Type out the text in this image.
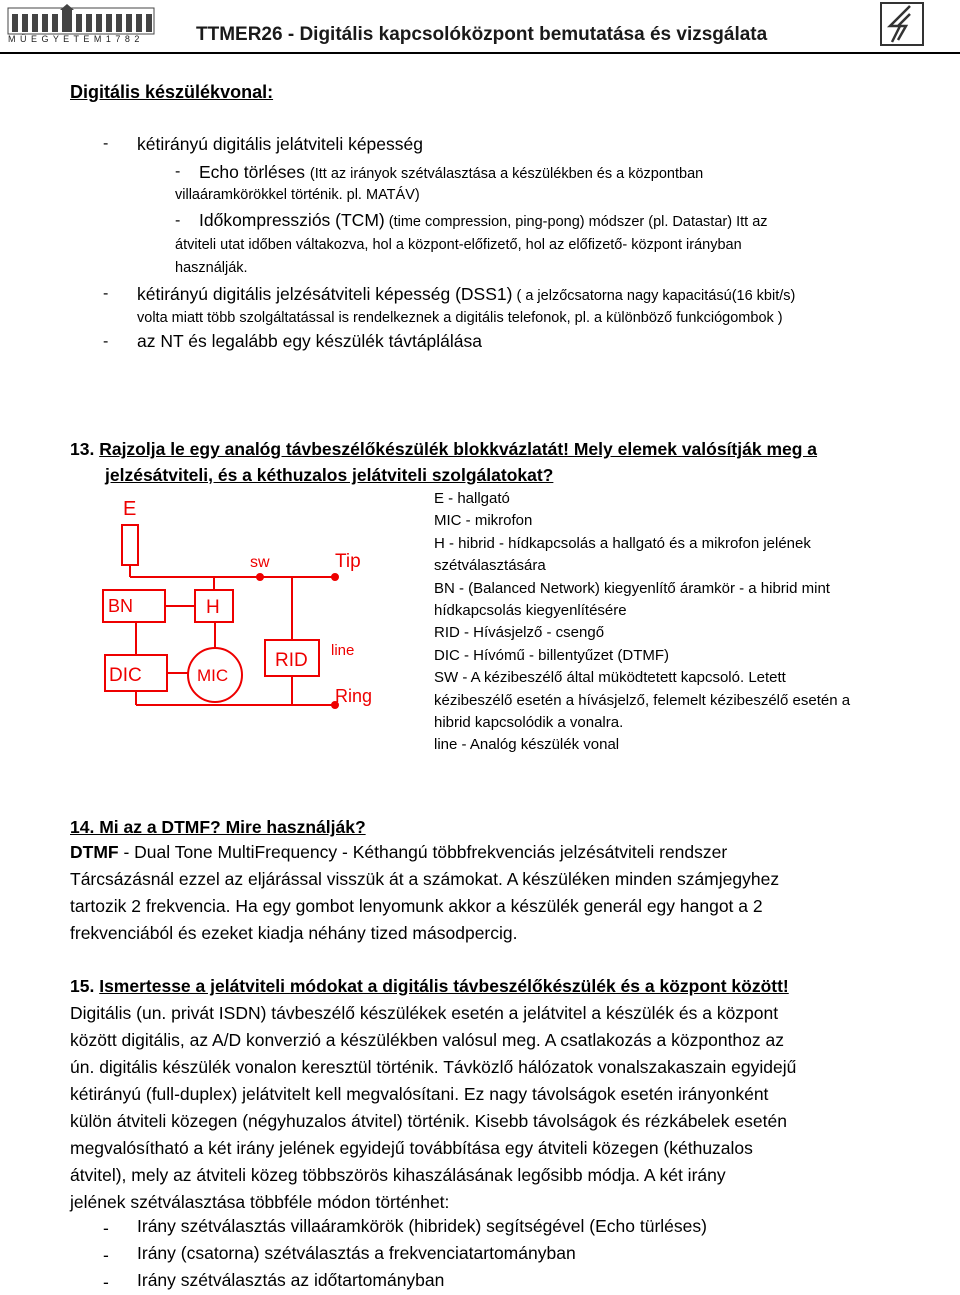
M Ű E G Y E T E M 1 7 8 2	TTMER26 - Digitális kapcsolóközpont bemutatása és vizsgálata
Digitális készülékvonal:
- kétirányú digitális jelátviteli képesség
- Echo törléses (Itt az irányok szétválasztása a készülékben és a központban
villaáramkörökkel történik. pl. MATÁV)
- Időkompressziós (TCM) (time compression, ping-pong) módszer (pl. Datastar) Itt az
átviteli utat időben váltakozva, hol a központ-előfizető, hol az előfizető- központ irányban
használják.
- kétirányú digitális jelzésátviteli képesség (DSS1) ( a jelzőcsatorna nagy kapacitású(16 kbit/s)
volta miatt több szolgáltatással is rendelkeznek a digitális telefonok, pl. a különböző funkciógombok )
- az NT és legalább egy készülék távtáplálása
13. Rajzolja le egy analóg távbeszélőkészülék blokkvázlatát! Mely elemek valósítják meg a
jelzésátviteli, és a kéthuzalos jelátviteli szolgálatokat?
E
sw	Tip
BN	H
line
RID
DIC	MIC
Ring
E - hallgató
MIC - mikrofon
H - hibrid - hídkapcsolás a hallgató és a mikrofon jelének
szétválasztására
BN - (Balanced Network) kiegyenlítő áramkör - a hibrid mint
hídkapcsolás kiegyenlítésére
RID - Hívásjelző - csengő
DIC - Hívómű - billentyűzet (DTMF)
SW - A kézibeszélő által müködtetett kapcsoló. Letett
kézibeszélő esetén a hívásjelző, felemelt kézibeszélő esetén a
hibrid kapcsolódik a vonalra.
line - Analóg készülék vonal
14. Mi az a DTMF? Mire használják?
DTMF - Dual Tone MultiFrequency - Kéthangú többfrekvenciás jelzésátviteli rendszer
Tárcsázásnál ezzel az eljárással visszük át a számokat. A készüléken minden számjegyhez
tartozik 2 frekvencia. Ha egy gombot lenyomunk akkor a készülék generál egy hangot a 2
frekvenciából és ezeket kiadja néhány tized másodpercig.
15. Ismertesse a jelátviteli módokat a digitális távbeszélőkészülék és a központ között!
Digitális (un. privát ISDN) távbeszélő készülékek esetén a jelátvitel a készülék és a központ
között digitális, az A/D konverzió a készülékben valósul meg. A csatlakozás a központhoz az
ún. digitális készülék vonalon keresztül történik. Távközlő hálózatok vonalszakaszain egyidejű
kétirányú (full-duplex) jelátvitelt kell megvalósítani. Ez nagy távolságok esetén irányonként
külön átviteli közegen (négyhuzalos átvitel) történik. Kisebb távolságok és rézkábelek esetén
megvalósítható a két irány jelének egyidejű továbbítása egy átviteli közegen (kéthuzalos
átvitel), mely az átviteli közeg többszörös kihaszálásának legősibb módja. A két irány
jelének szétválasztása többféle módon történhet:
- Irány szétválasztás villaáramkörök (hibridek) segítségével (Echo türléses)
- Irány (csatorna) szétválasztás a frekvenciatartományban
- Irány szétválasztás az időtartományban
